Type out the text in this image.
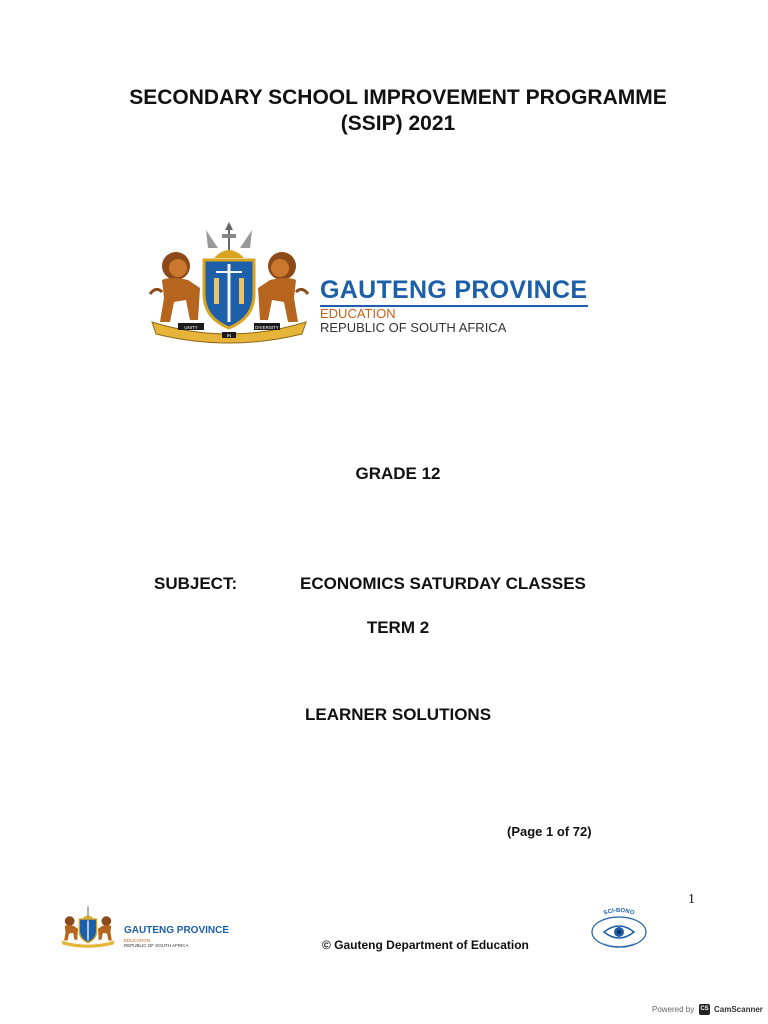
SECONDARY SCHOOL IMPROVEMENT PROGRAMME
(SSIP) 2021
UNITY
IN
DIVERSITY
GAUTENG PROVINCE
EDUCATION
REPUBLIC OF SOUTH AFRICA
GRADE 12
SUBJECT:	ECONOMICS SATURDAY CLASSES
TERM 2
LEARNER SOLUTIONS
(Page 1 of 72)
1
GAUTENG PROVINCE
EDUCATION
REPUBLIC OF SOUTH AFRICA	© Gauteng Department of Education
SCI-BONO
DISCOVERY CENTRE
Powered by CS CamScanner
